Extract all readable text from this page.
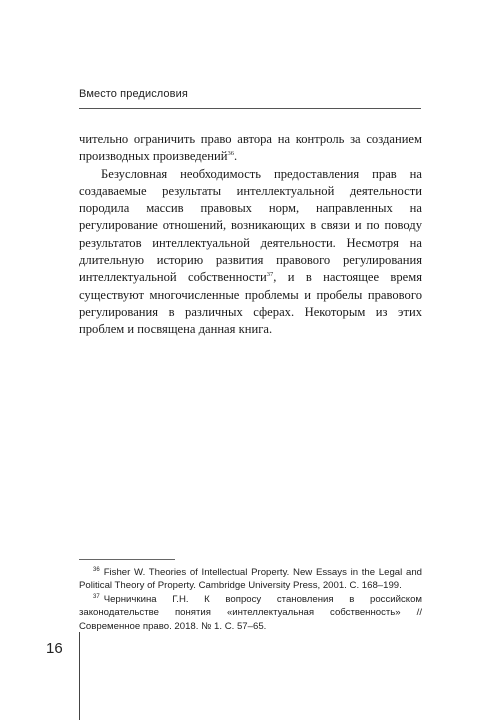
Вместо предисловия

чительно ограничить право автора на контроль за созданием производных произведений$^{36}$.

Безусловная необходимость предоставления прав на создаваемые результаты интеллектуальной деятельности породила массив правовых норм, направленных на регулирование отношений, возникающих в связи и по поводу результатов интеллектуальной деятельности. Несмотря на длительную историю развития правового регулирования интеллектуальной собственности$^{37}$, и в настоящее время существуют многочисленные проблемы и пробелы правового регулирования в различных сферах. Некоторым из этих проблем и посвящена данная книга.

$^{36}$ Fisher W. Theories of Intellectual Property. New Essays in the Legal and Political Theory of Property. Cambridge University Press, 2001. С. 168–199.

$^{37}$ Черничкина Г.Н. К вопросу становления в российском законодательстве понятия «интеллектуальная собственность» // Современное право. 2018. № 1. С. 57–65.

16
